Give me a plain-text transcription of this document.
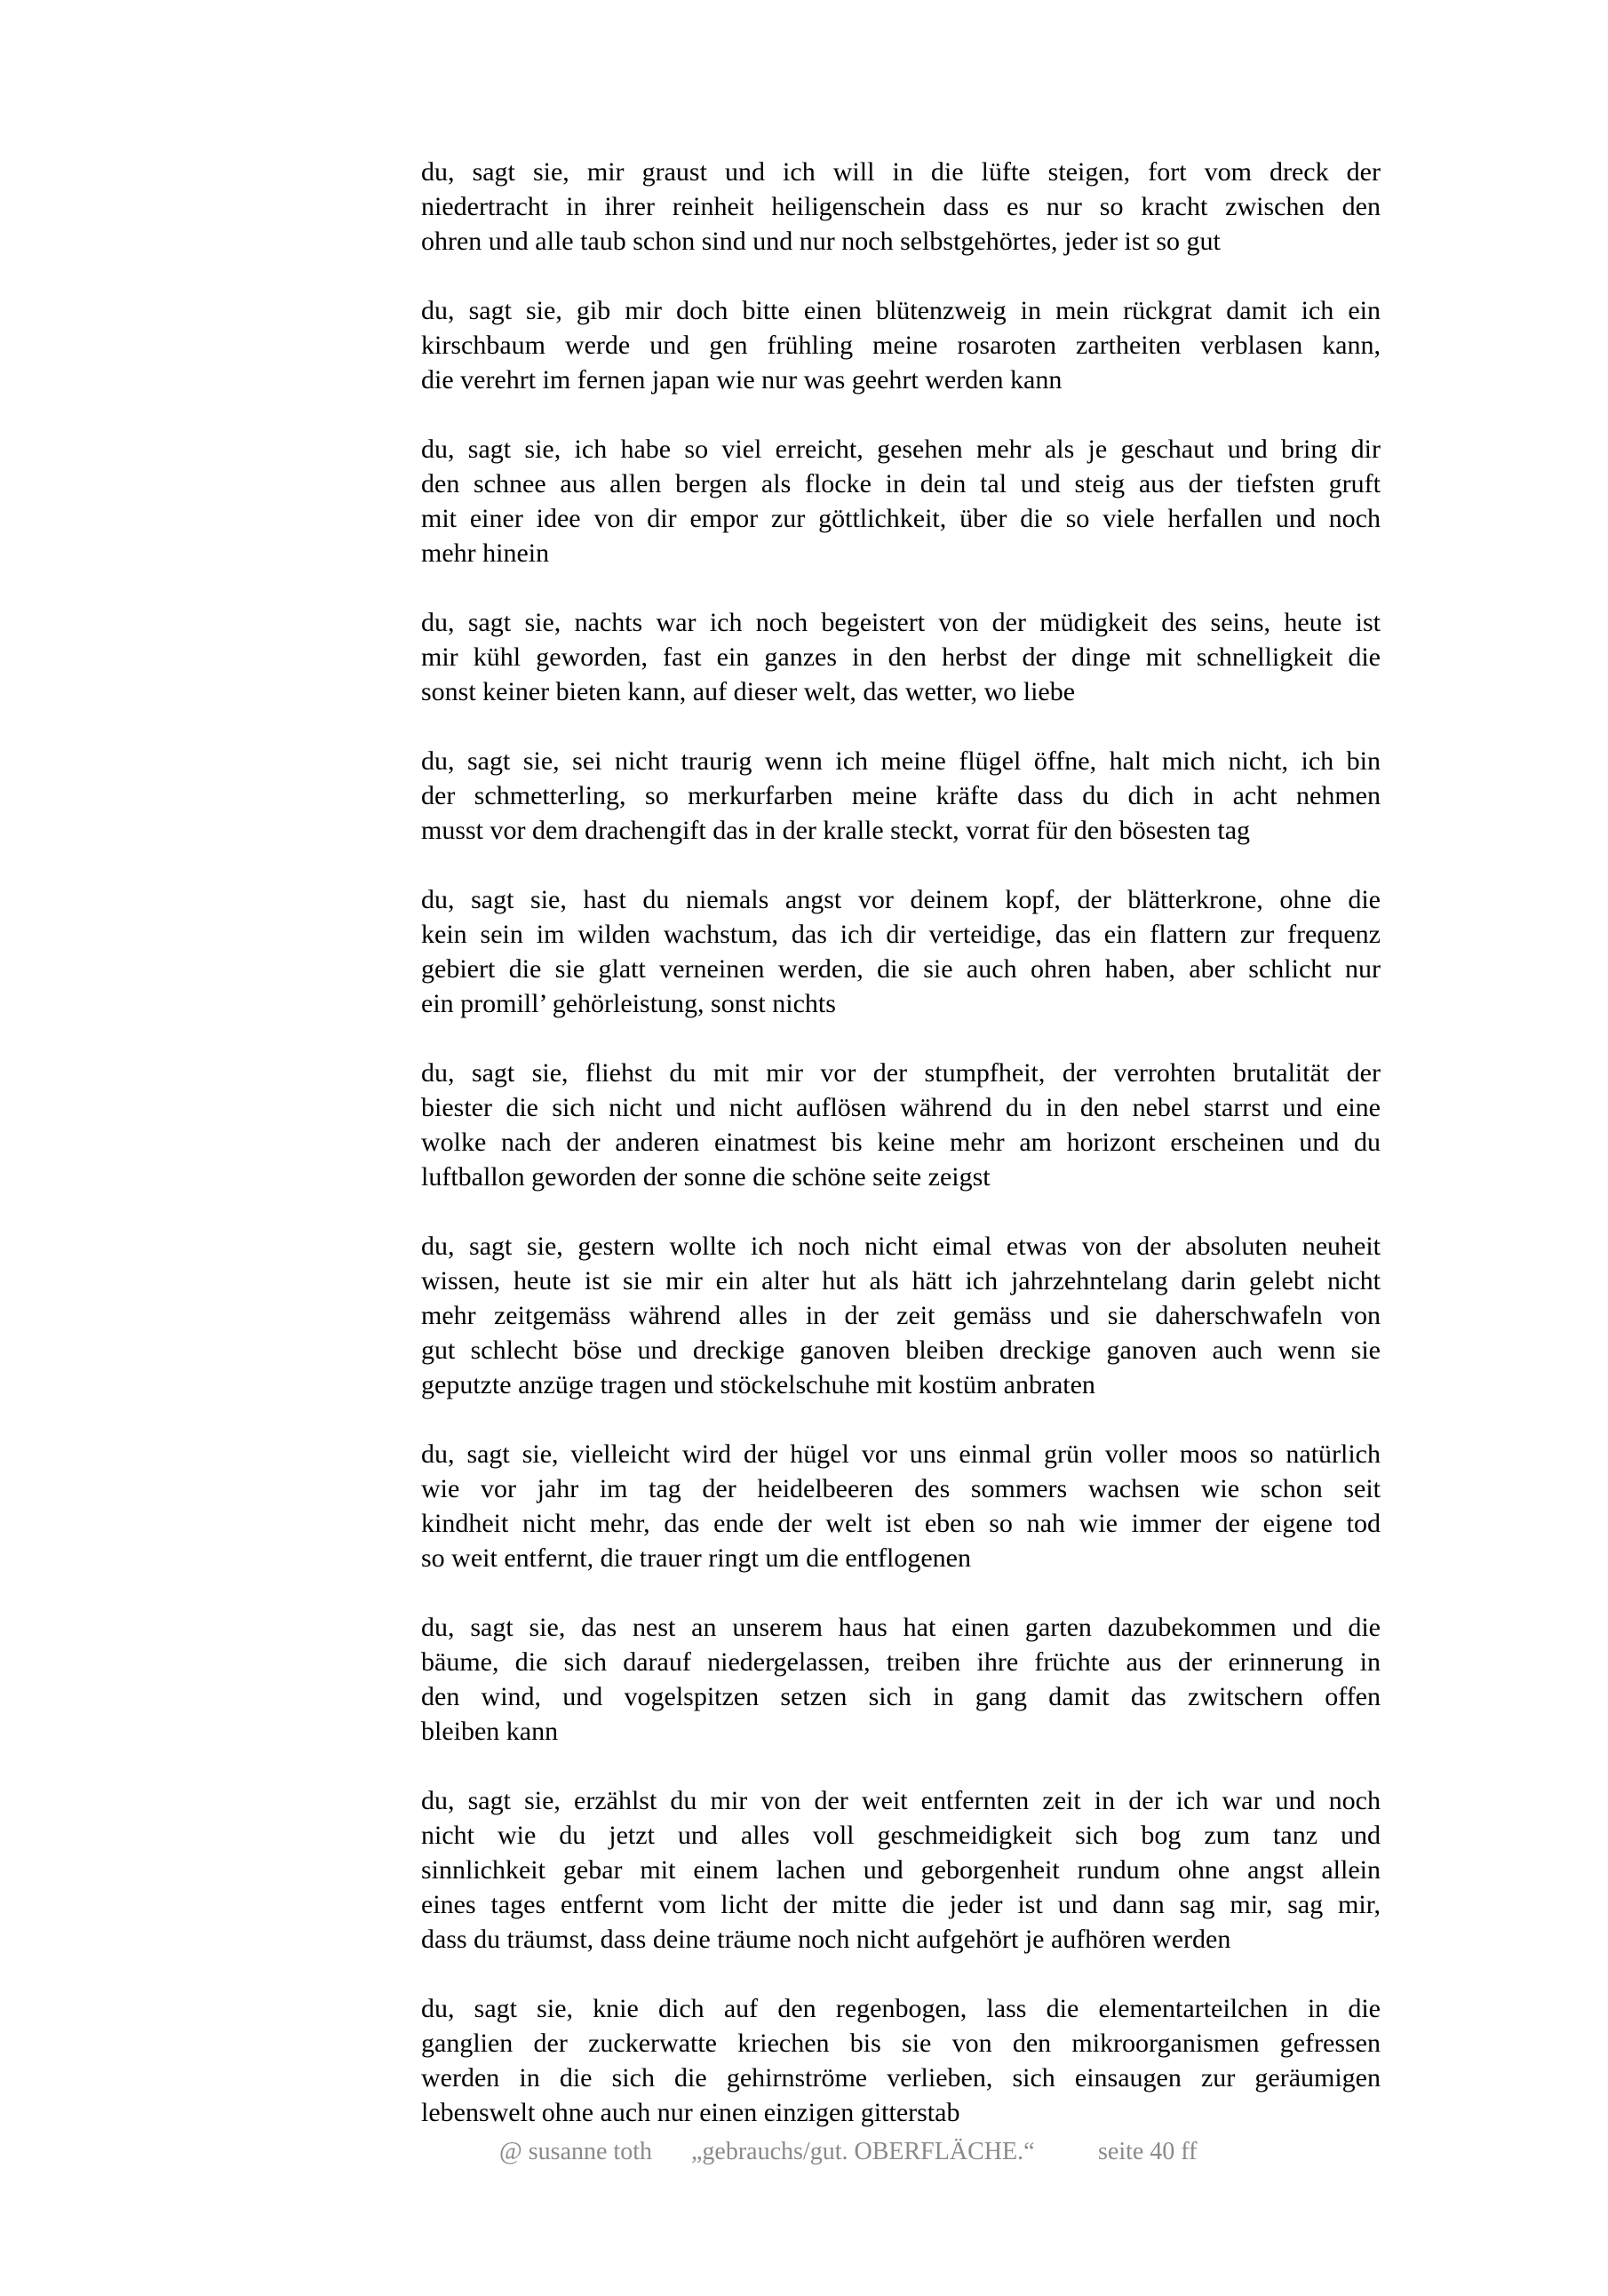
du, sagt sie, mir graust und ich will in die lüfte steigen, fort vom dreck der
niedertracht in ihrer reinheit heiligenschein dass es nur so kracht zwischen den
ohren und alle taub schon sind und nur noch selbstgehörtes, jeder ist so gut
du, sagt sie, gib mir doch bitte einen blütenzweig in mein rückgrat damit ich ein
kirschbaum werde und gen frühling meine rosaroten zartheiten verblasen kann,
die verehrt im fernen japan wie nur was geehrt werden kann
du, sagt sie, ich habe so viel erreicht, gesehen mehr als je geschaut und bring dir
den schnee aus allen bergen als flocke in dein tal und steig aus der tiefsten gruft
mit einer idee von dir empor zur göttlichkeit, über die so viele herfallen und noch
mehr hinein
du, sagt sie, nachts war ich noch begeistert von der müdigkeit des seins, heute ist
mir kühl geworden, fast ein ganzes in den herbst der dinge mit schnelligkeit die
sonst keiner bieten kann, auf dieser welt, das wetter, wo liebe
du, sagt sie, sei nicht traurig wenn ich meine flügel öffne, halt mich nicht, ich bin
der schmetterling, so merkurfarben meine kräfte dass du dich in acht nehmen
musst vor dem drachengift das in der kralle steckt, vorrat für den bösesten tag
du, sagt sie, hast du niemals angst vor deinem kopf, der blätterkrone, ohne die
kein sein im wilden wachstum, das ich dir verteidige, das ein flattern zur frequenz
gebiert die sie glatt verneinen werden, die sie auch ohren haben, aber schlicht nur
ein promill’ gehörleistung, sonst nichts
du, sagt sie, fliehst du mit mir vor der stumpfheit, der verrohten brutalität der
biester die sich nicht und nicht auflösen während du in den nebel starrst und eine
wolke nach der anderen einatmest bis keine mehr am horizont erscheinen und du
luftballon geworden der sonne die schöne seite zeigst
du, sagt sie, gestern wollte ich noch nicht eimal etwas von der absoluten neuheit
wissen, heute ist sie mir ein alter hut als hätt ich jahrzehntelang darin gelebt nicht
mehr zeitgemäss während alles in der zeit gemäss und sie daherschwafeln von
gut schlecht böse und dreckige ganoven bleiben dreckige ganoven auch wenn sie
geputzte anzüge tragen und stöckelschuhe mit kostüm anbraten
du, sagt sie, vielleicht wird der hügel vor uns einmal grün voller moos so natürlich
wie vor jahr im tag der heidelbeeren des sommers wachsen wie schon seit
kindheit nicht mehr, das ende der welt ist eben so nah wie immer der eigene tod
so weit entfernt, die trauer ringt um die entflogenen
du, sagt sie, das nest an unserem haus hat einen garten dazubekommen und die
bäume, die sich darauf niedergelassen, treiben ihre früchte aus der erinnerung in
den wind, und vogelspitzen setzen sich in gang damit das zwitschern offen
bleiben kann
du, sagt sie, erzählst du mir von der weit entfernten zeit in der ich war und noch
nicht wie du jetzt und alles voll geschmeidigkeit sich bog zum tanz und
sinnlichkeit gebar mit einem lachen und geborgenheit rundum ohne angst allein
eines tages entfernt vom licht der mitte die jeder ist und dann sag mir, sag mir,
dass du träumst, dass deine träume noch nicht aufgehört je aufhören werden
du, sagt sie, knie dich auf den regenbogen, lass die elementarteilchen in die
ganglien der zuckerwatte kriechen bis sie von den mikroorganismen gefressen
werden in die sich die gehirnströme verlieben, sich einsaugen zur geräumigen
lebenswelt ohne auch nur einen einzigen gitterstab

@ susanne toth

„gebrauchs/gut. OBERFLÄCHE.“

	seite 40 ff
